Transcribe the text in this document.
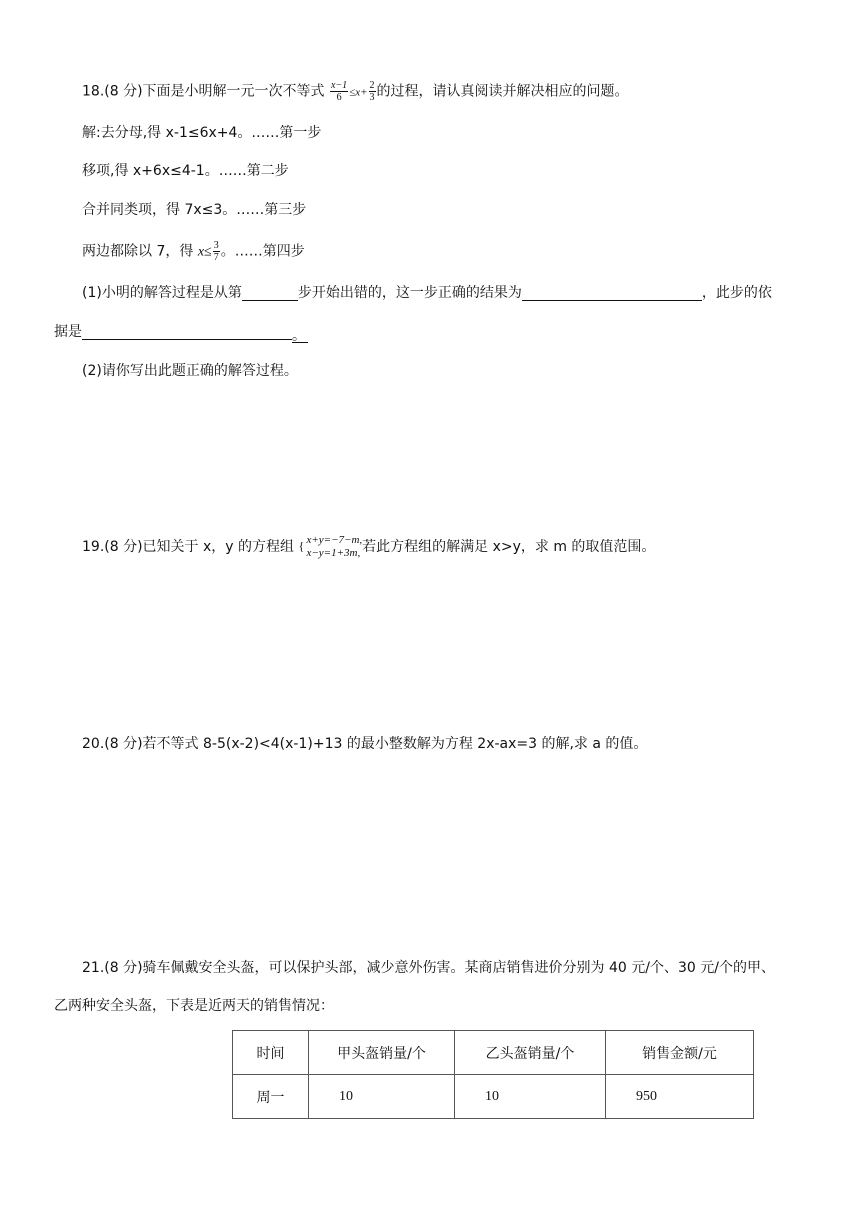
18.(8 分)下面是小明解一元一次不等式 $\frac{x-1}{6} \le x+ \frac{2}{3}$ 的过程，请认真阅读并解决相应的问题。
解:去分母,得 x-1≤6x+4。……第一步
移项,得 x+6x≤4-1。……第二步
合并同类项，得 7x≤3。……第三步
两边都除以 7，得 $x\le \frac{3}{7}$ 。……第四步
(1)小明的解答过程是从第	步开始出错的，这一步正确的结果为	，此步的依
据是	。
(2)请你写出此题正确的解答过程。
19.(8 分)已知关于 x，y 的方程组 { x+y=−7−m,
x−y=1+3m, 若此方程组的解满足 x>y，求 m 的取值范围。
20.(8 分)若不等式 8-5(x-2)<4(x-1)+13 的最小整数解为方程 2x-ax=3 的解,求 a 的值。
21.(8 分)骑车佩戴安全头盔，可以保护头部，减少意外伤害。某商店销售进价分别为 40 元/个、30 元/个的甲、
乙两种安全头盔，下表是近两天的销售情况：
时间	甲头盔销量/个	乙头盔销量/个	销售金额/元
周一	10	10	950
